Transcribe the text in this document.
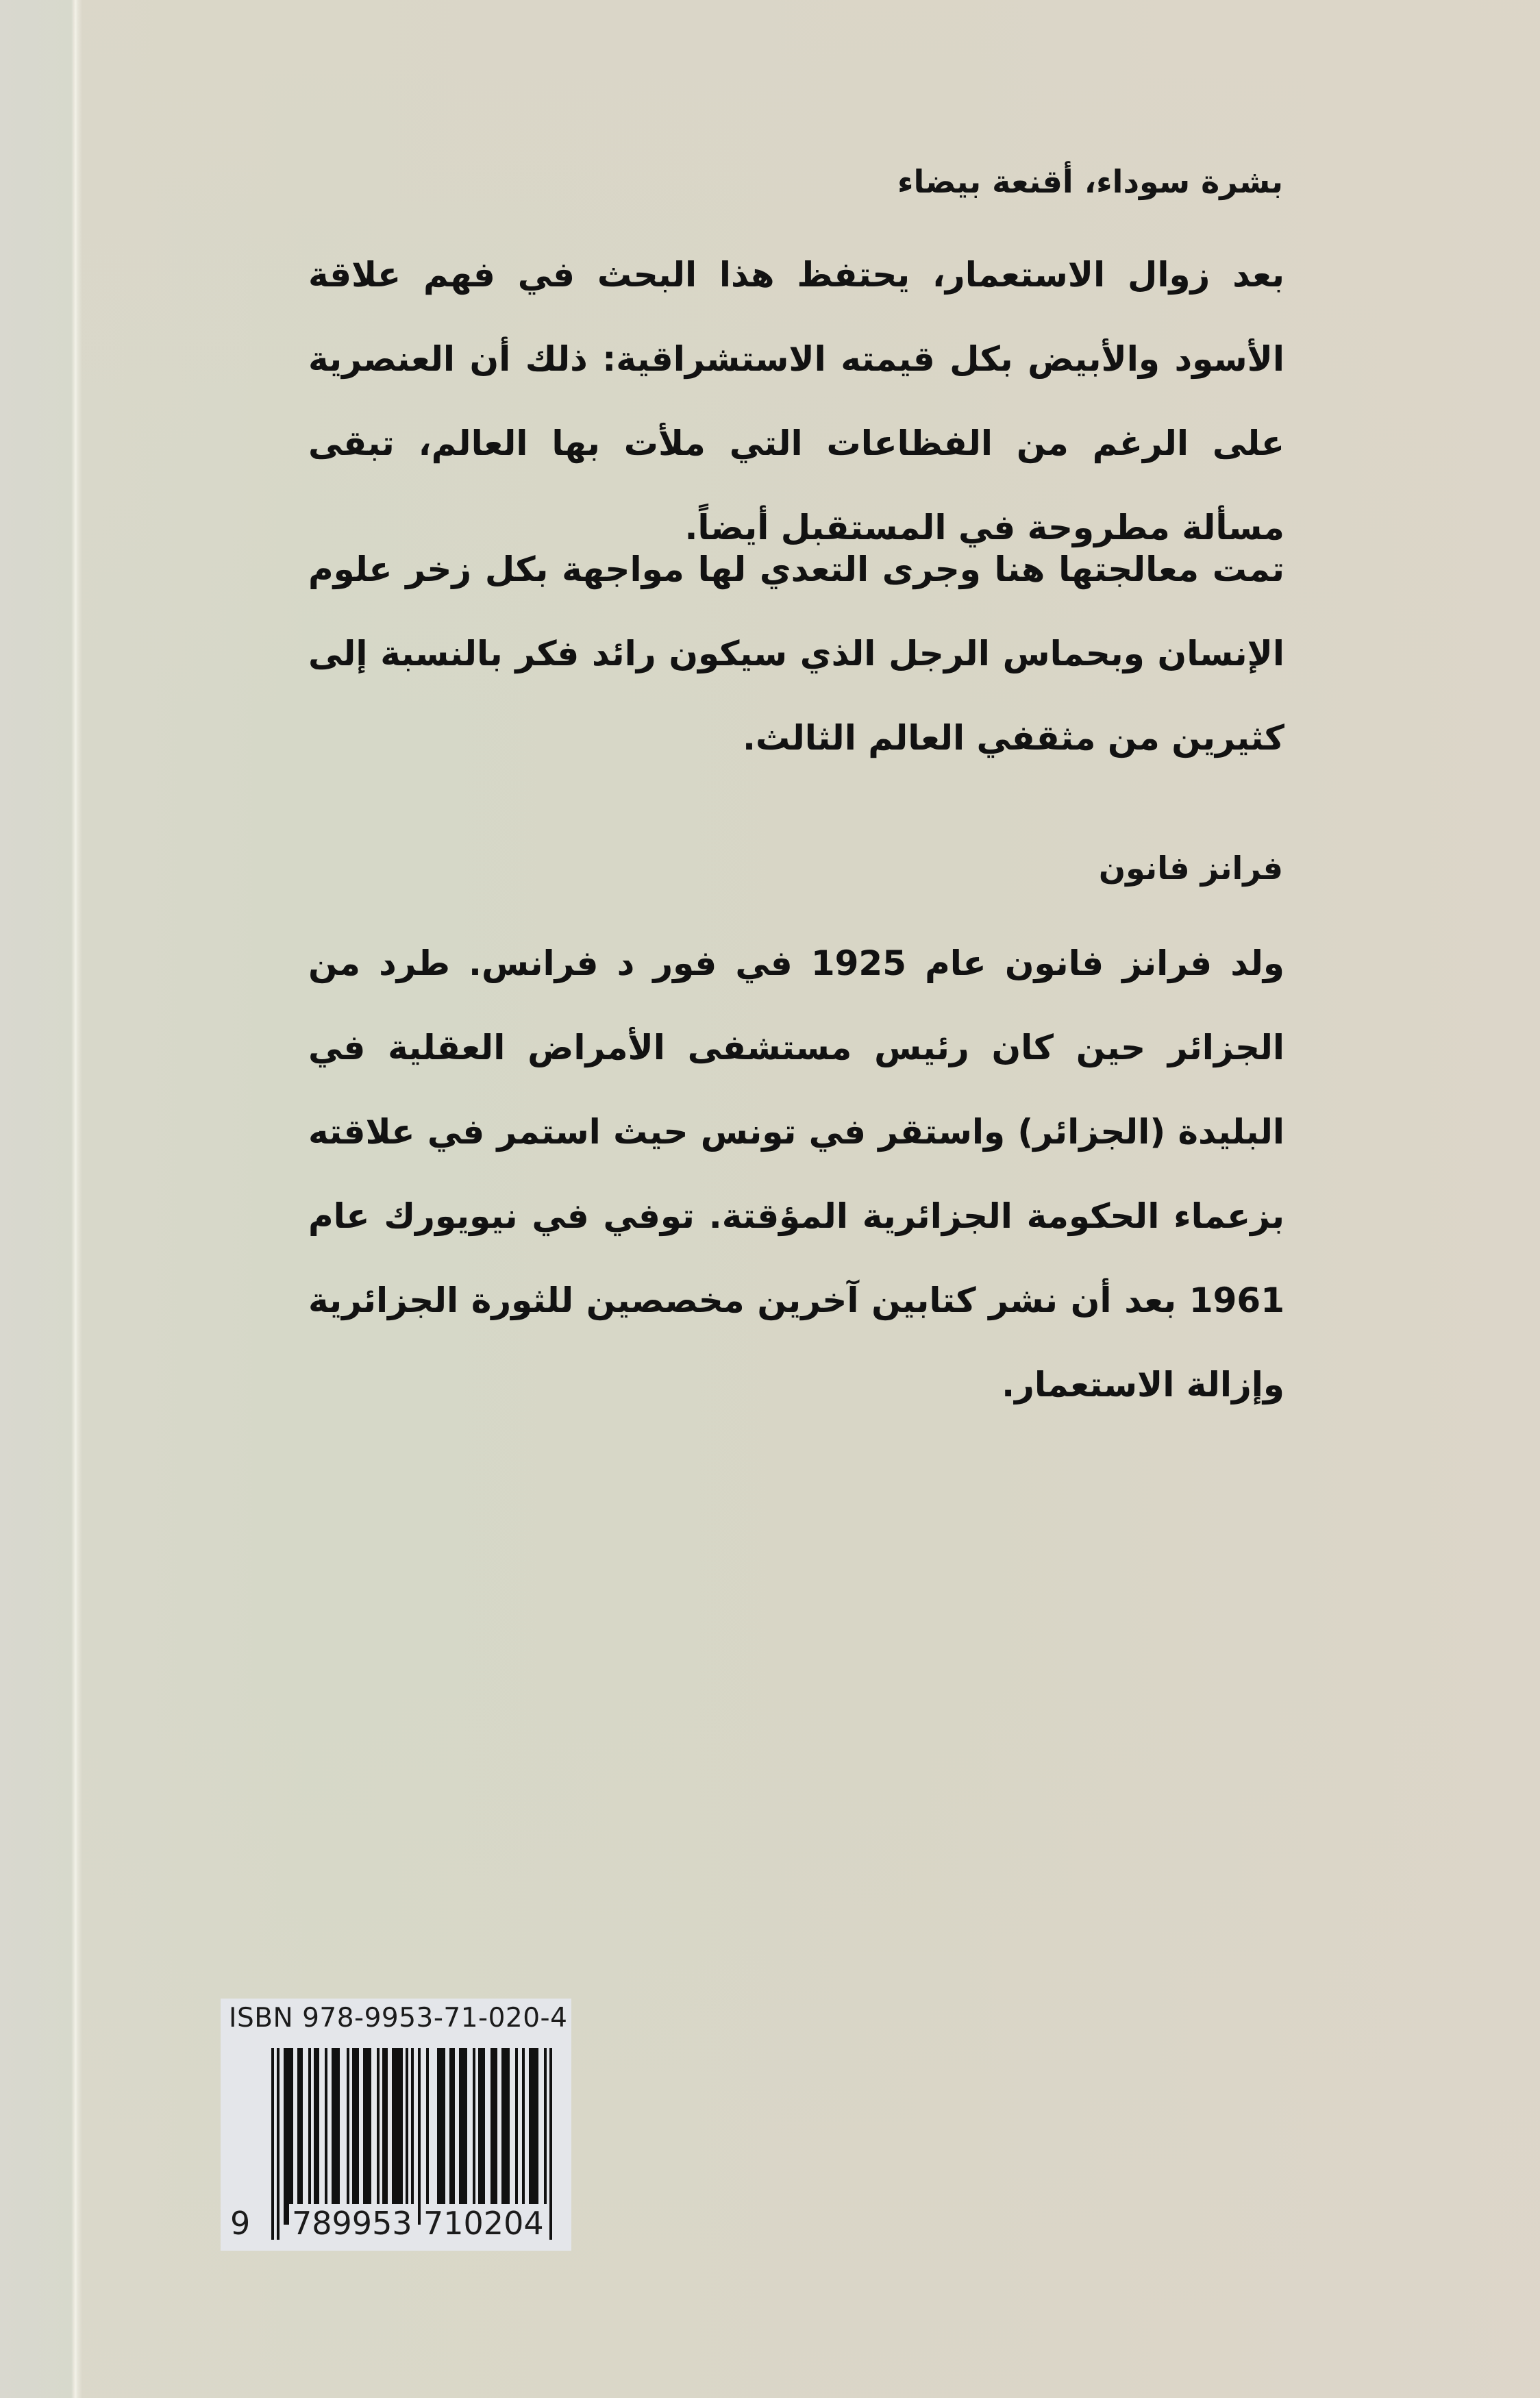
بشرة سوداء، أقنعة بيضاء

بعد زوال الاستعمار، يحتفظ هذا البحث في فهم علاقة الأسود والأبيض بكل قيمته الاستشراقية: ذلك أن العنصرية على الرغم من الفظاعات التي ملأت بها العالم، تبقى مسألة مطروحة في المستقبل أيضاً.

تمت معالجتها هنا وجرى التعدي لها مواجهة بكل زخر علوم الإنسان وبحماس الرجل الذي سيكون رائد فكر بالنسبة إلى كثيرين من مثقفي العالم الثالث.

فرانز فانون

ولد فرانز فانون عام 1925 في فور د فرانس. طرد من الجزائر حين كان رئيس مستشفى الأمراض العقلية في البليدة (الجزائر) واستقر في تونس حيث استمر في علاقته بزعماء الحكومة الجزائرية المؤقتة. توفي في نيويورك عام 1961 بعد أن نشر كتابين آخرين مخصصين للثورة الجزائرية وإزالة الاستعمار.

ISBN 978-9953-71-020-4
9 789953 710204
